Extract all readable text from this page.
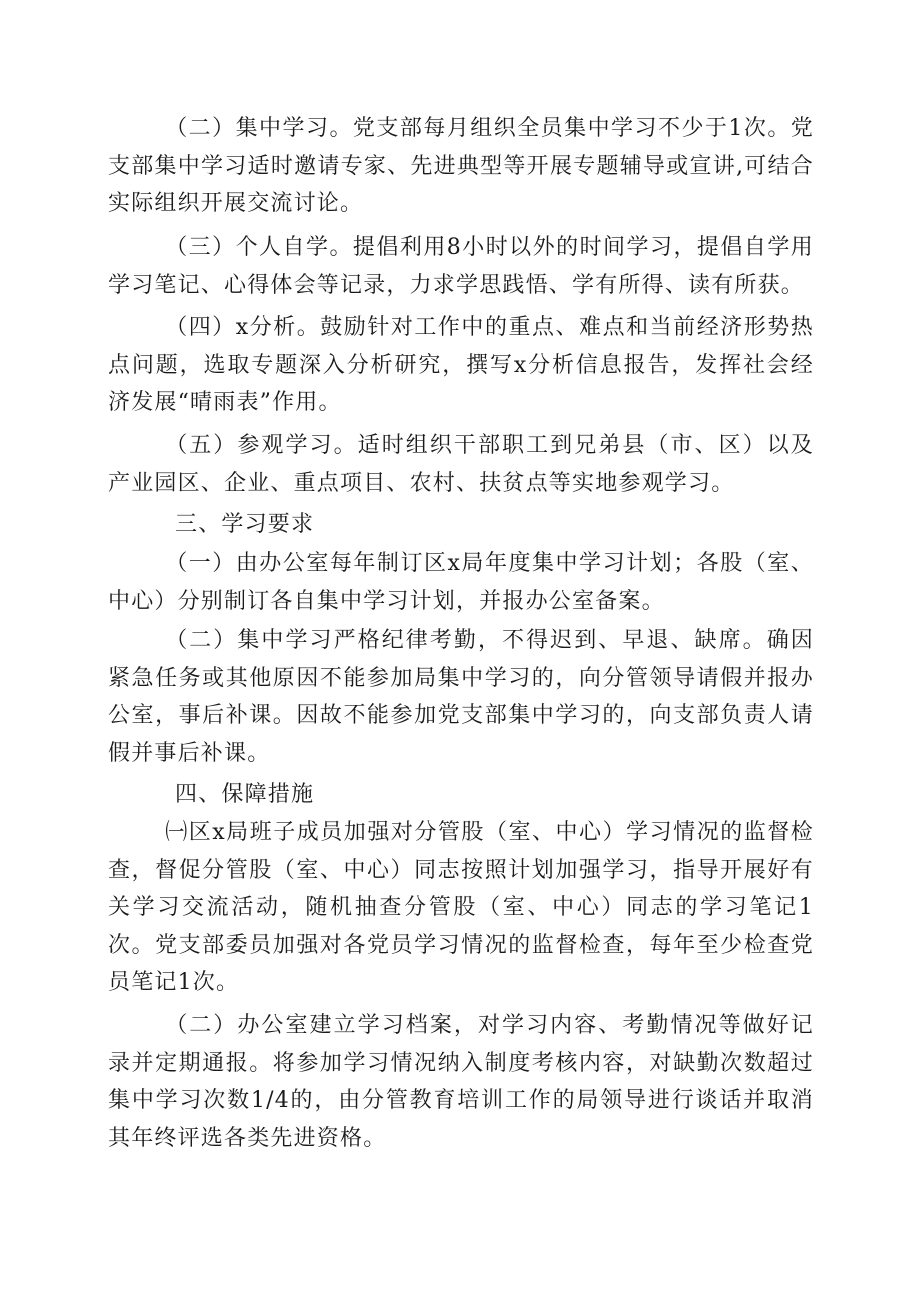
（二）集中学习。党支部每月组织全员集中学习不少于1次。党支部集中学习适时邀请专家、先进典型等开展专题辅导或宣讲,可结合实际组织开展交流讨论。

（三）个人自学。提倡利用8小时以外的时间学习，提倡自学用学习笔记、心得体会等记录，力求学思践悟、学有所得、读有所获。

（四）x分析。鼓励针对工作中的重点、难点和当前经济形势热点问题，选取专题深入分析研究，撰写x分析信息报告，发挥社会经济发展“晴雨表”作用。

（五）参观学习。适时组织干部职工到兄弟县（市、区）以及产业园区、企业、重点项目、农村、扶贫点等实地参观学习。

三、学习要求

（一）由办公室每年制订区x局年度集中学习计划；各股（室、中心）分别制订各自集中学习计划，并报办公室备案。

（二）集中学习严格纪律考勤，不得迟到、早退、缺席。确因紧急任务或其他原因不能参加局集中学习的，向分管领导请假并报办公室，事后补课。因故不能参加党支部集中学习的，向支部负责人请假并事后补课。

四、保障措施

㈠区x局班子成员加强对分管股（室、中心）学习情况的监督检查，督促分管股（室、中心）同志按照计划加强学习，指导开展好有关学习交流活动，随机抽查分管股（室、中心）同志的学习笔记1次。党支部委员加强对各党员学习情况的监督检查，每年至少检查党员笔记1次。

（二）办公室建立学习档案，对学习内容、考勤情况等做好记录并定期通报。将参加学习情况纳入制度考核内容，对缺勤次数超过集中学习次数1/4的，由分管教育培训工作的局领导进行谈话并取消其年终评选各类先进资格。
